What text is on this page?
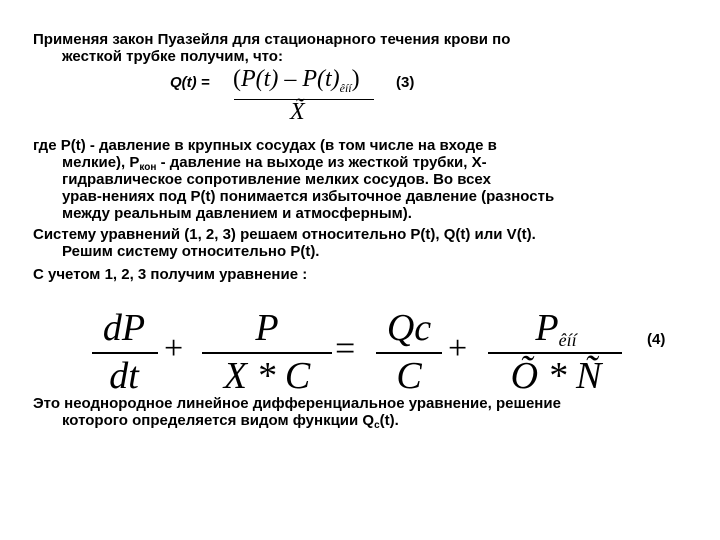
Применяя закон Пуазейля для стационарного течения крови по
жесткой трубке получим, что:
$Q(t) = (P(t) - P(t)_{êíí})$
X̃
(3)
где P(t) - давление в крупных сосудах (в том числе на входе в
мелкие), $P_{кон}$ - давление на выходе из жесткой трубки, X-
гидравлическое сопротивление мелких сосудов. Во всех
урав-нениях под P(t) понимается избыточное давление (разность
между реальным давлением и атмосферным).
Систему уравнений (1, 2, 3) решаем относительно P(t), Q(t) или V(t).
Решим систему относительно P(t).
С учетом 1, 2, 3 получим уравнение :
dP
dt
+	P
X * C
= Qc
C
+	Pêíí
Õ * Ñ
(4)
Это неоднородное линейное дифференциальное уравнение, решение
которого определяется видом функции $Q_c(t)$.
